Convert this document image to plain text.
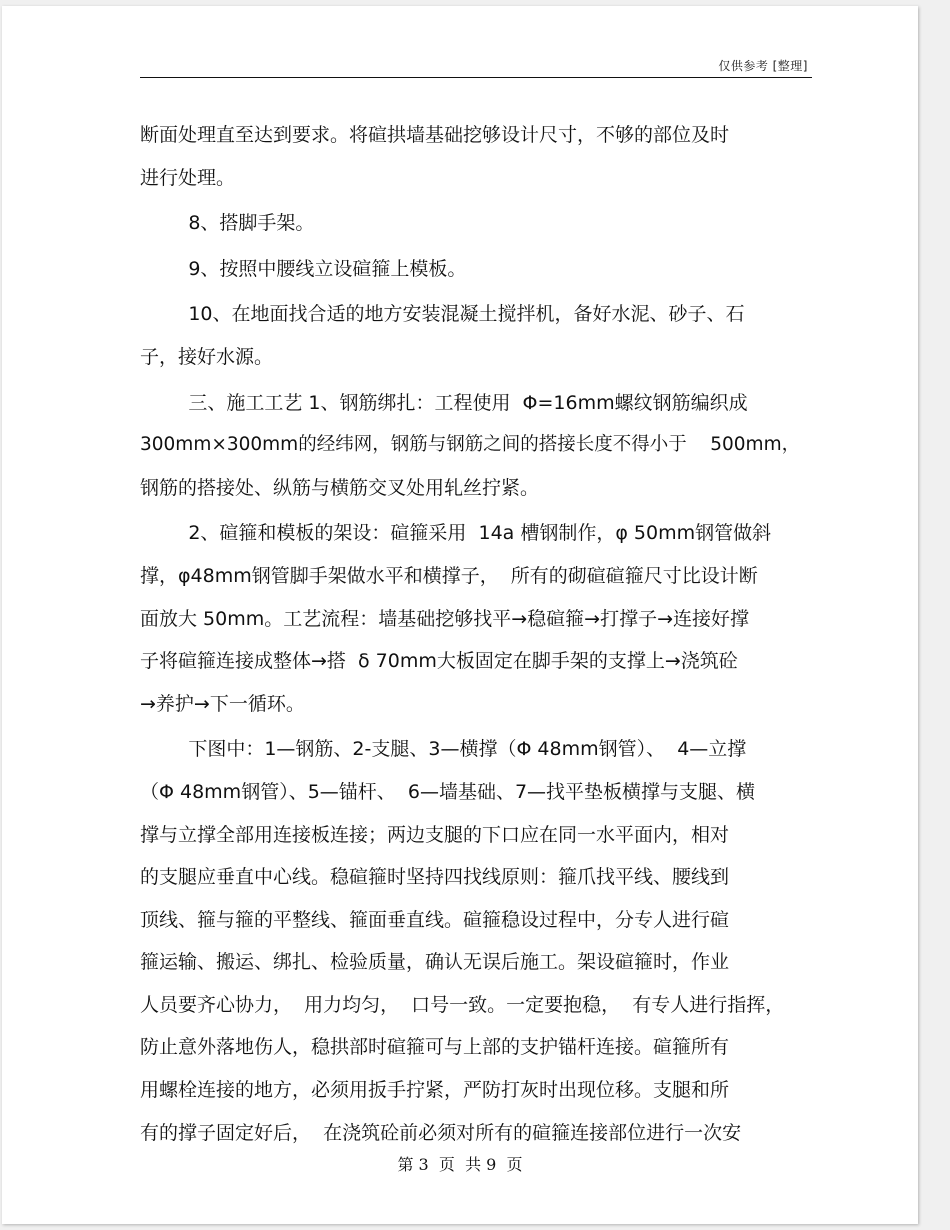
仅供参考 [整理]
断面处理直至达到要求。将碹拱墙基础挖够设计尺寸，不够的部位及时
进行处理。
8、搭脚手架。
9、按照中腰线立设碹箍上模板。
10、在地面找合适的地方安装混凝土搅拌机，备好水泥、砂子、石
子，接好水源。
三、施工工艺 1、钢筋绑扎：工程使用  Φ=16mm螺纹钢筋编织成
300mm×300mm的经纬网，钢筋与钢筋之间的搭接长度不得小于    500mm，
钢筋的搭接处、纵筋与横筋交叉处用轧丝拧紧。
2、碹箍和模板的架设：碹箍采用  14a 槽钢制作，φ 50mm钢管做斜
撑，φ48mm钢管脚手架做水平和横撑子，  所有的砌碹碹箍尺寸比设计断
面放大 50mm。工艺流程：墙基础挖够找平→稳碹箍→打撑子→连接好撑
子将碹箍连接成整体→搭  δ 70mm大板固定在脚手架的支撑上→浇筑砼
→养护→下一循环。
下图中：1—钢筋、2-支腿、3—横撑（Φ 48mm钢管）、  4—立撑
（Φ 48mm钢管）、5—锚杆、  6—墙基础、7—找平垫板横撑与支腿、横
撑与立撑全部用连接板连接；两边支腿的下口应在同一水平面内，相对
的支腿应垂直中心线。稳碹箍时坚持四找线原则：箍爪找平线、腰线到
顶线、箍与箍的平整线、箍面垂直线。碹箍稳设过程中，分专人进行碹
箍运输、搬运、绑扎、检验质量，确认无误后施工。架设碹箍时，作业
人员要齐心协力，  用力均匀，  口号一致。一定要抱稳，  有专人进行指挥，
防止意外落地伤人，稳拱部时碹箍可与上部的支护锚杆连接。碹箍所有
用螺栓连接的地方，必须用扳手拧紧，严防打灰时出现位移。支腿和所
有的撑子固定好后，  在浇筑砼前必须对所有的碹箍连接部位进行一次安
第 3  页  共 9  页
